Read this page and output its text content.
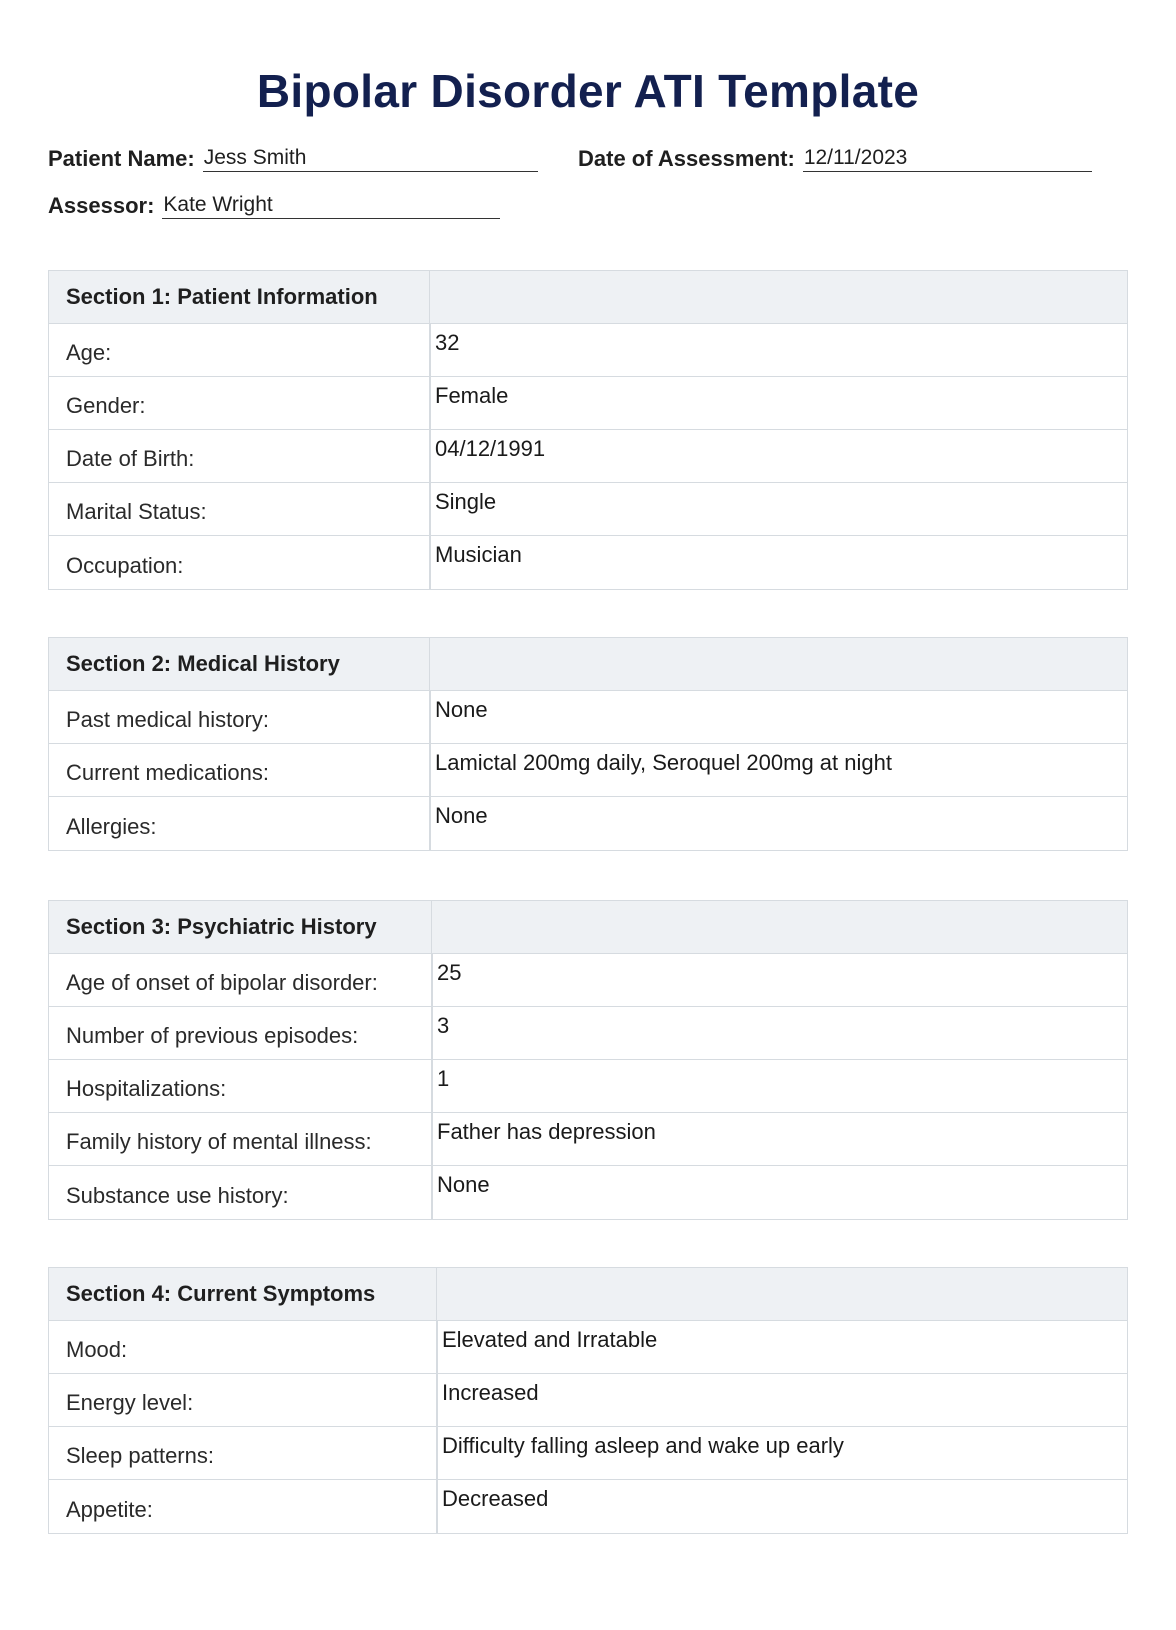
Bipolar Disorder ATI Template
Patient Name: Jess Smith	Date of Assessment: 12/11/2023
Assessor: Kate Wright
Section 1: Patient Information
Age:	32
Gender:	Female
Date of Birth:	04/12/1991
Marital Status:	Single
Occupation:	Musician
Section 2: Medical History
Past medical history:	None
Current medications:	Lamictal 200mg daily, Seroquel 200mg at night
Allergies:	None
Section 3: Psychiatric History
Age of onset of bipolar disorder:	25
Number of previous episodes:	3
Hospitalizations:	1
Family history of mental illness:	Father has depression
Substance use history:	None
Section 4: Current Symptoms
Mood:	Elevated and Irratable
Energy level:	Increased
Sleep patterns:	Difficulty falling asleep and wake up early
Appetite:	Decreased
